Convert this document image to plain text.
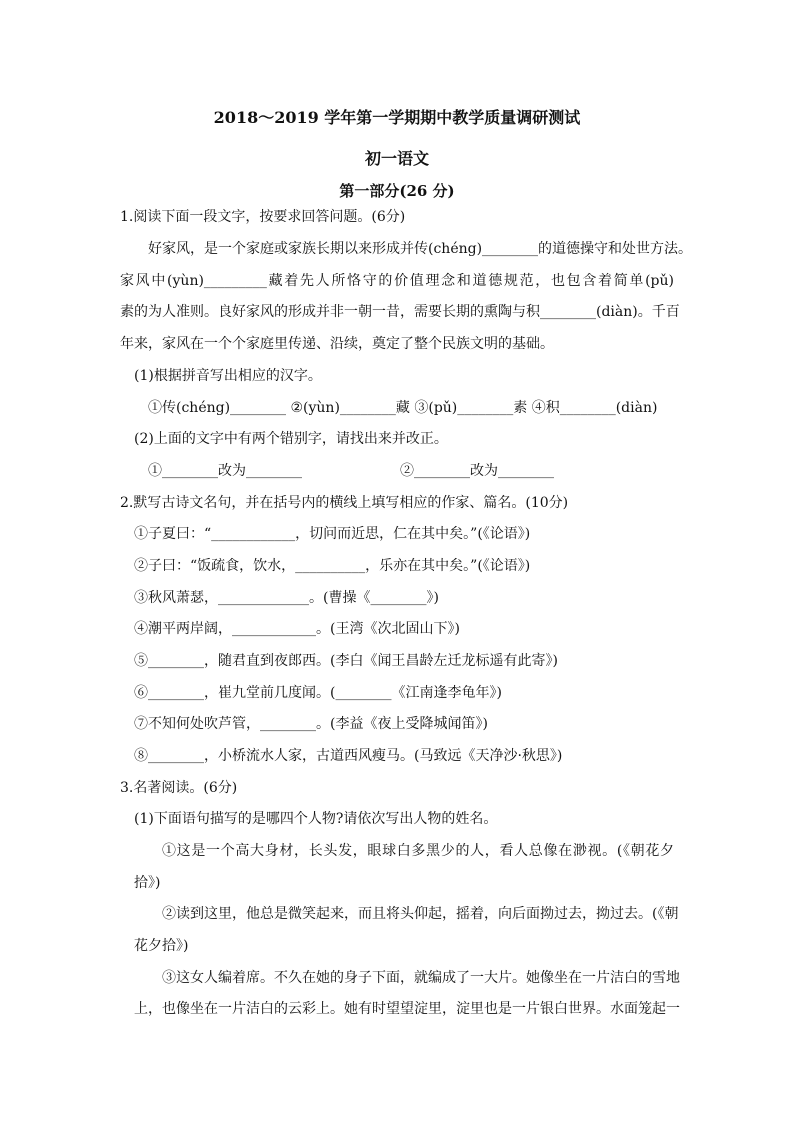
2018～2019 学年第一学期期中教学质量调研测试
初一语文
第一部分(26 分)
1.阅读下面一段文字，按要求回答问题。(6分)
好家风，是一个家庭或家族长期以来形成并传(chéng)________的道德操守和处世方法。
家风中(yùn)_________藏着先人所恪守的价值理念和道德规范，也包含着简单(pǔ)
素的为人准则。良好家风的形成并非一朝一昔，需要长期的熏陶与积________(diàn)。千百
年来，家风在一个个家庭里传递、沿续，奠定了整个民族文明的基础。
(1)根据拼音写出相应的汉字。
①传(chéng)________ ②(yùn)________藏 ③(pǔ)________素 ④积________(diàn)
(2)上面的文字中有两个错别字，请找出来并改正。
①________改为________	②________改为________
2.默写古诗文名句，并在括号内的横线上填写相应的作家、篇名。(10分)
①子夏曰：“____________，切问而近思，仁在其中矣。”(《论语》)
②子曰：“饭疏食，饮水，__________，乐亦在其中矣。”(《论语》)
③秋风萧瑟，_____________。(曹操《________》)
④潮平两岸阔，____________。(王湾《次北固山下》)
⑤________，随君直到夜郎西。(李白《闻王昌龄左迁龙标遥有此寄》)
⑥________，崔九堂前几度闻。(________《江南逢李龟年》)
⑦不知何处吹芦管，________。(李益《夜上受降城闻笛》)
⑧________，小桥流水人家，古道西风瘦马。(马致远《天净沙·秋思》)
3.名著阅读。(6分)
(1)下面语句描写的是哪四个人物?请依次写出人物的姓名。
①这是一个高大身材，长头发，眼球白多黑少的人，看人总像在渺视。(《朝花夕
拾》)
②读到这里，他总是微笑起来，而且将头仰起，摇着，向后面拗过去，拗过去。(《朝
花夕拾》)
③这女人编着席。不久在她的身子下面，就编成了一大片。她像坐在一片洁白的雪地
上，也像坐在一片洁白的云彩上。她有时望望淀里，淀里也是一片银白世界。水面笼起一
